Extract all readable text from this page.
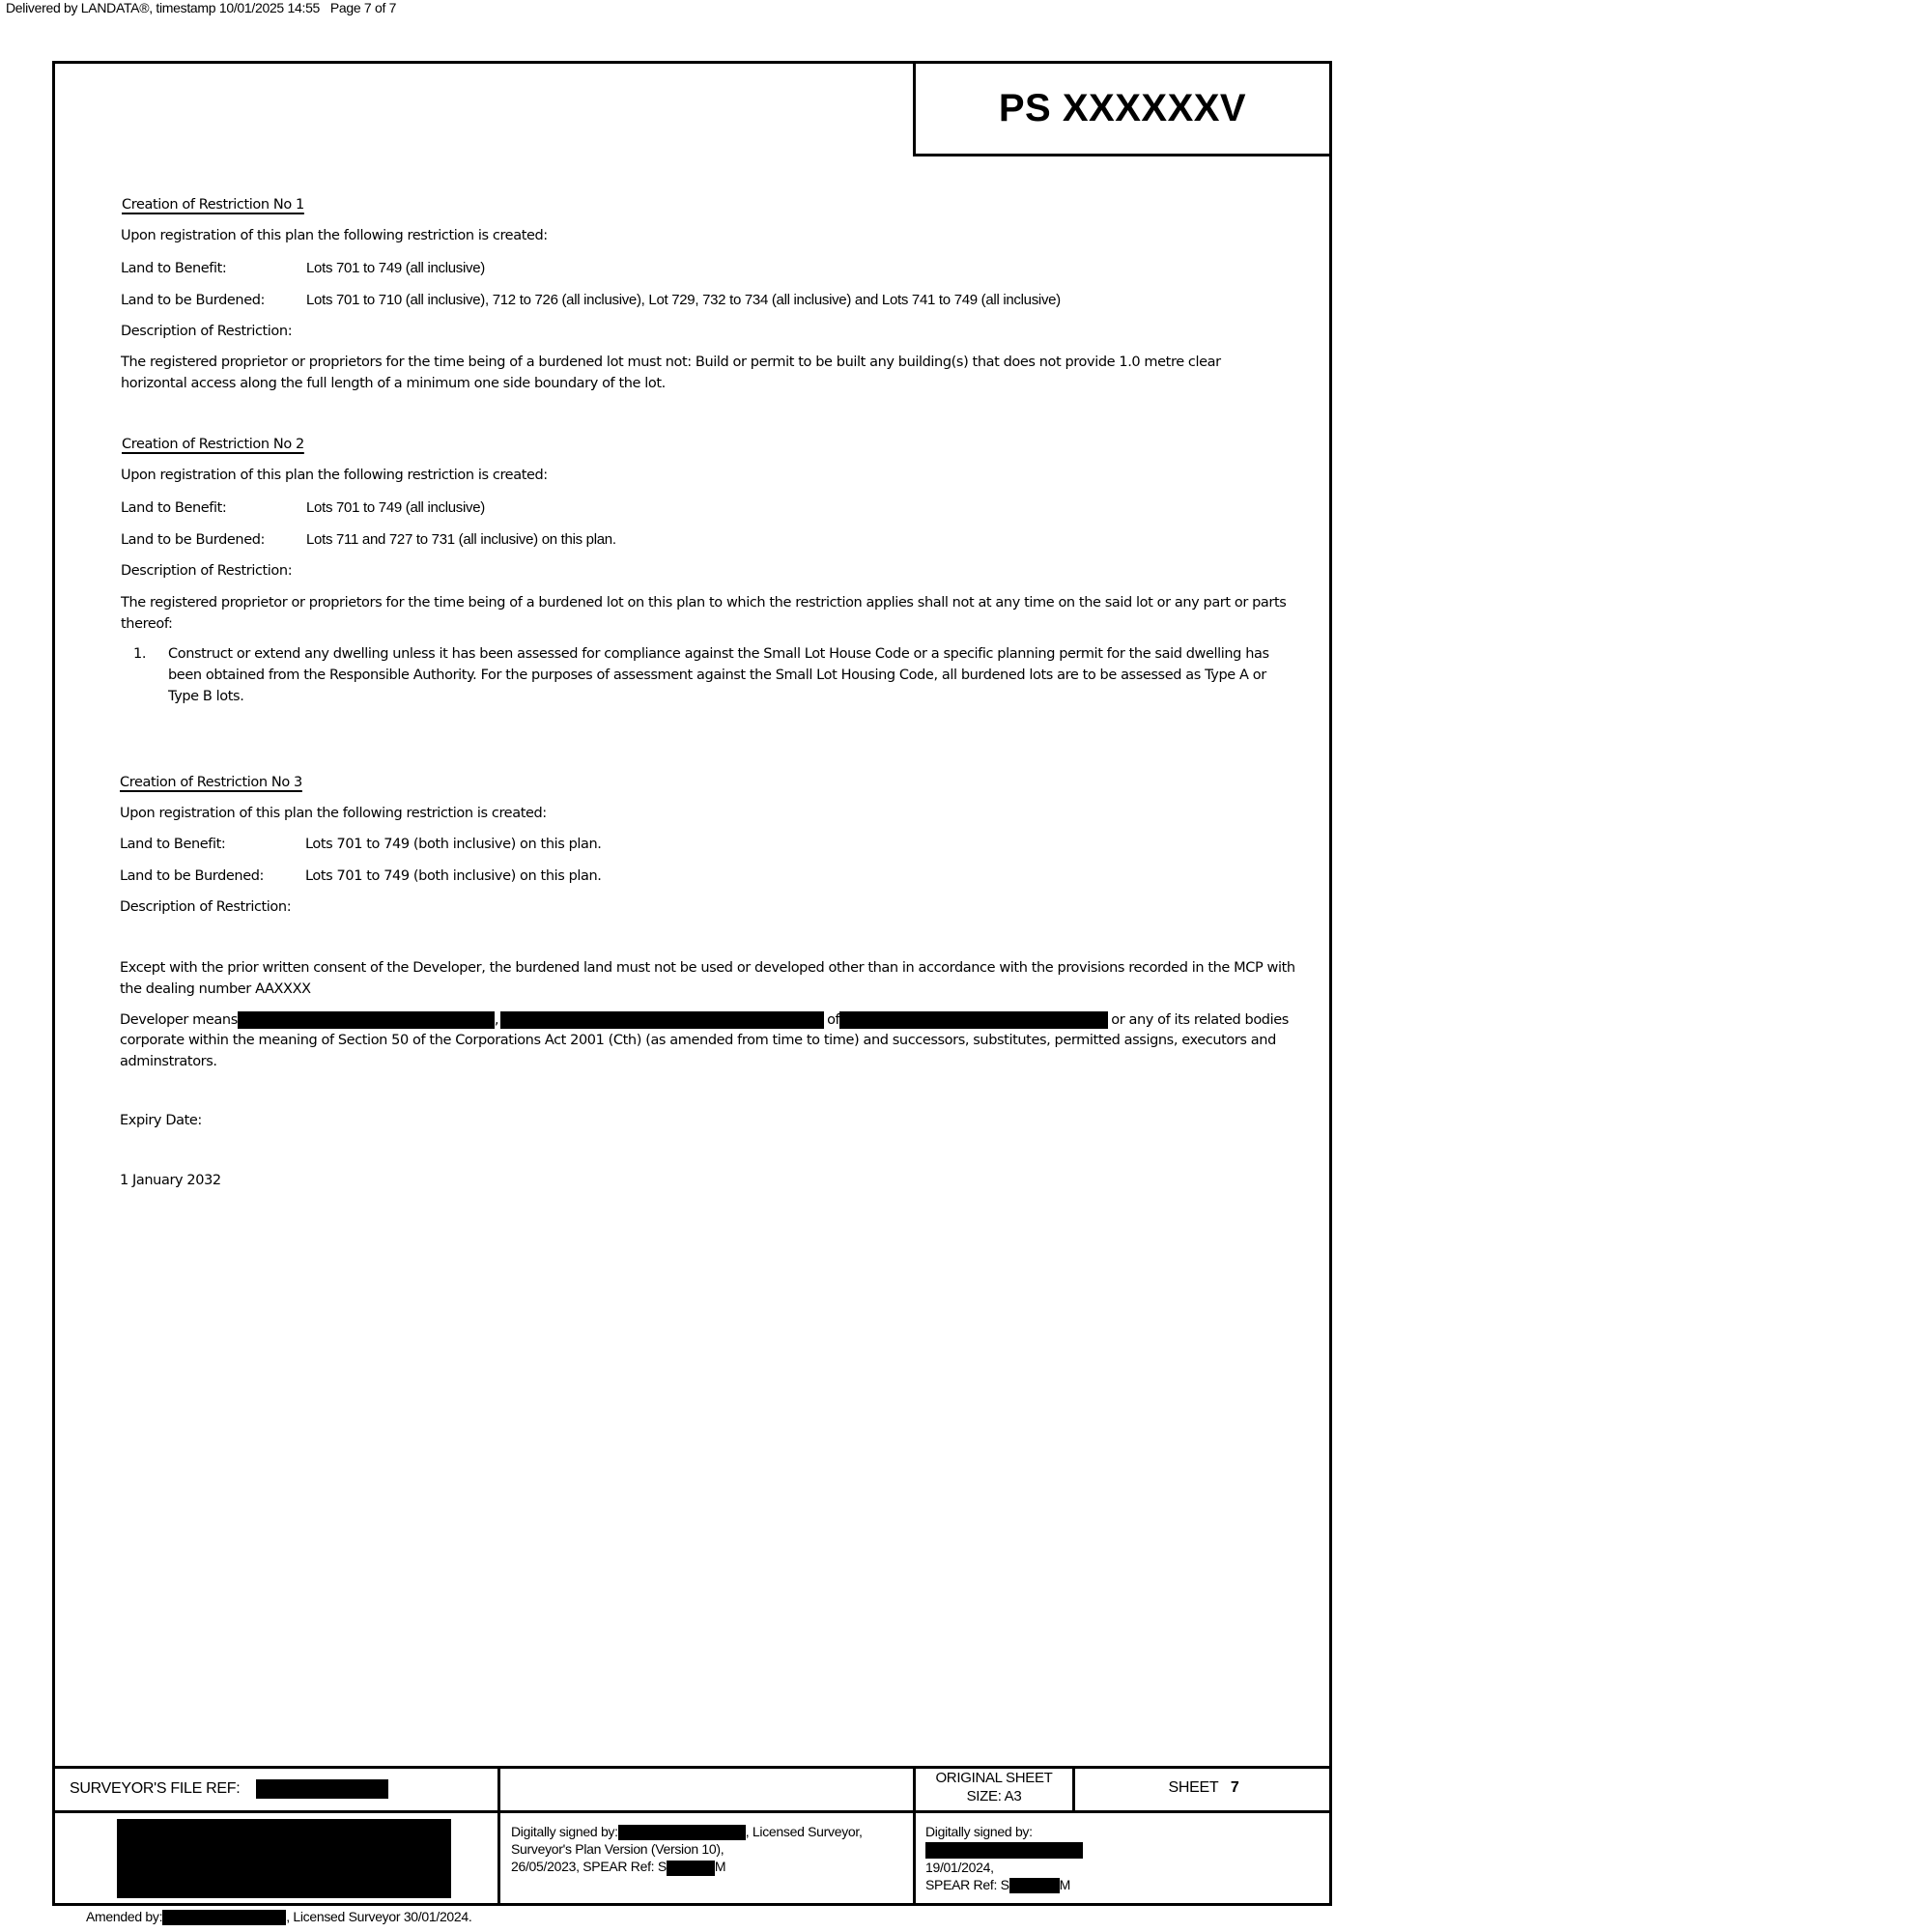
Delivered by LANDATA®, timestamp 10/01/2025 14:55   Page 7 of 7
PS XXXXXXV
Creation of Restriction No 1
Upon registration of this plan the following restriction is created:
Land to Benefit:	Lots 701 to 749 (all inclusive)
Land to be Burdened:	Lots 701 to 710 (all inclusive), 712 to 726 (all inclusive), Lot 729, 732 to 734 (all inclusive) and Lots 741 to 749 (all inclusive)
Description of Restriction:
The registered proprietor or proprietors for the time being of a burdened lot must not: Build or permit to be built any building(s) that does not provide 1.0 metre clear horizontal access along the full length of a minimum one side boundary of the lot.
Creation of Restriction No 2
Upon registration of this plan the following restriction is created:
Land to Benefit:	Lots 701 to 749 (all inclusive)
Land to be Burdened:	Lots 711 and 727 to 731 (all inclusive) on this plan.
Description of Restriction:
The registered proprietor or proprietors for the time being of a burdened lot on this plan to which the restriction applies shall not at any time on the said lot or any part or parts thereof:
1. Construct or extend any dwelling unless it has been assessed for compliance against the Small Lot House Code or a specific planning permit for the said dwelling has been obtained from the Responsible Authority. For the purposes of assessment against the Small Lot Housing Code, all burdened lots are to be assessed as Type A or Type B lots.
Creation of Restriction No 3
Upon registration of this plan the following restriction is created:
Land to Benefit:	Lots 701 to 749 (both inclusive) on this plan.
Land to be Burdened:	Lots 701 to 749 (both inclusive) on this plan.
Description of Restriction:
Except with the prior written consent of the Developer, the burdened land must not be used or developed other than in accordance with the provisions recorded in the MCP with the dealing number AAXXXX
Developer means	,	of	or any of its related bodies
corporate within the meaning of Section 50 of the Corporations Act 2001 (Cth) (as amended from time to time) and successors, substitutes, permitted assigns, executors and adminstrators.
Expiry Date:
1 January 2032
SURVEYOR'S FILE REF:
ORIGINAL SHEET
SIZE: A3
SHEET 7
Digitally signed by:	, Licensed Surveyor,
Surveyor's Plan Version (Version 10),
26/05/2023, SPEAR Ref: S	M
Digitally signed by:
19/01/2024,
SPEAR Ref: S	M
Amended by:	, Licensed Surveyor 30/01/2024.
